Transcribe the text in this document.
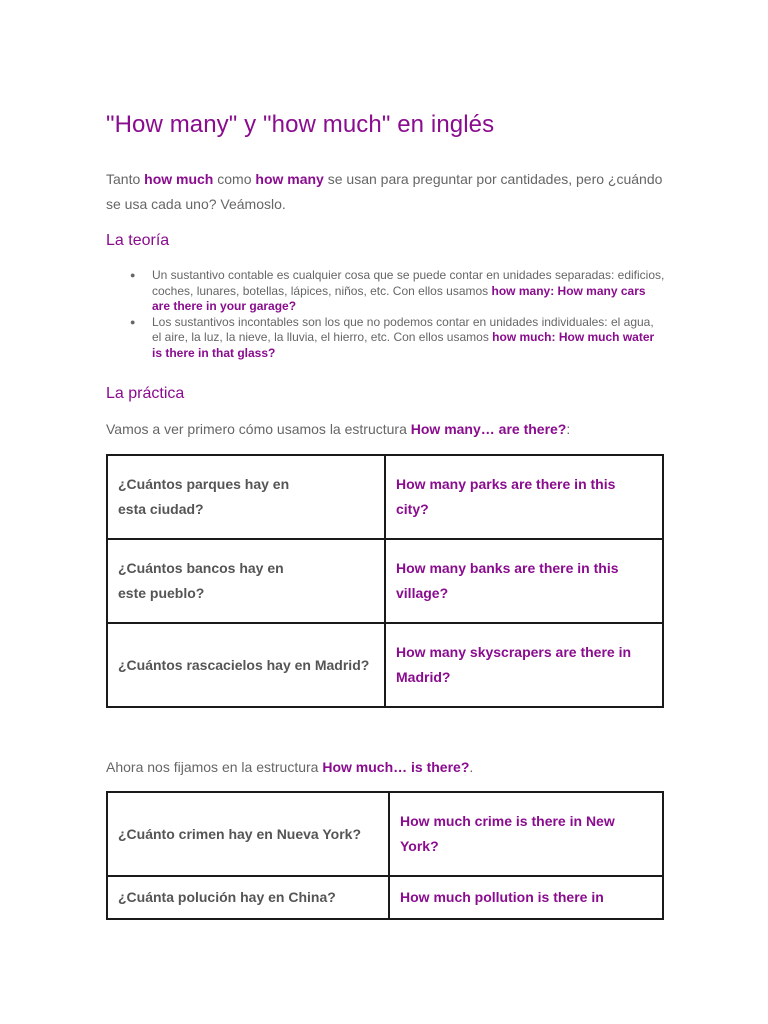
"How many" y "how much" en inglés

Tanto how much como how many se usan para preguntar por cantidades, pero ¿cuándo se usa cada uno? Veámoslo.

La teoría
● Un sustantivo contable es cualquier cosa que se puede contar en unidades separadas: edificios, coches, lunares, botellas, lápices, niños, etc. Con ellos usamos how many: How many cars are there in your garage?
● Los sustantivos incontables son los que no podemos contar en unidades individuales: el agua, el aire, la luz, la nieve, la lluvia, el hierro, etc. Con ellos usamos how much: How much water is there in that glass?
La práctica

Vamos a ver primero cómo usamos la estructura How many… are there?:

¿Cuántos parques hay en esta ciudad?	How many parks are there in this city?
¿Cuántos bancos hay en este pueblo?	How many banks are there in this village?
¿Cuántos rascacielos hay en Madrid?	How many skyscrapers are there in Madrid?

Ahora nos fijamos en la estructura How much… is there?.

¿Cuánto crimen hay en Nueva York?	How much crime is there in New York?
¿Cuánta polución hay en China?	How much pollution is there in
